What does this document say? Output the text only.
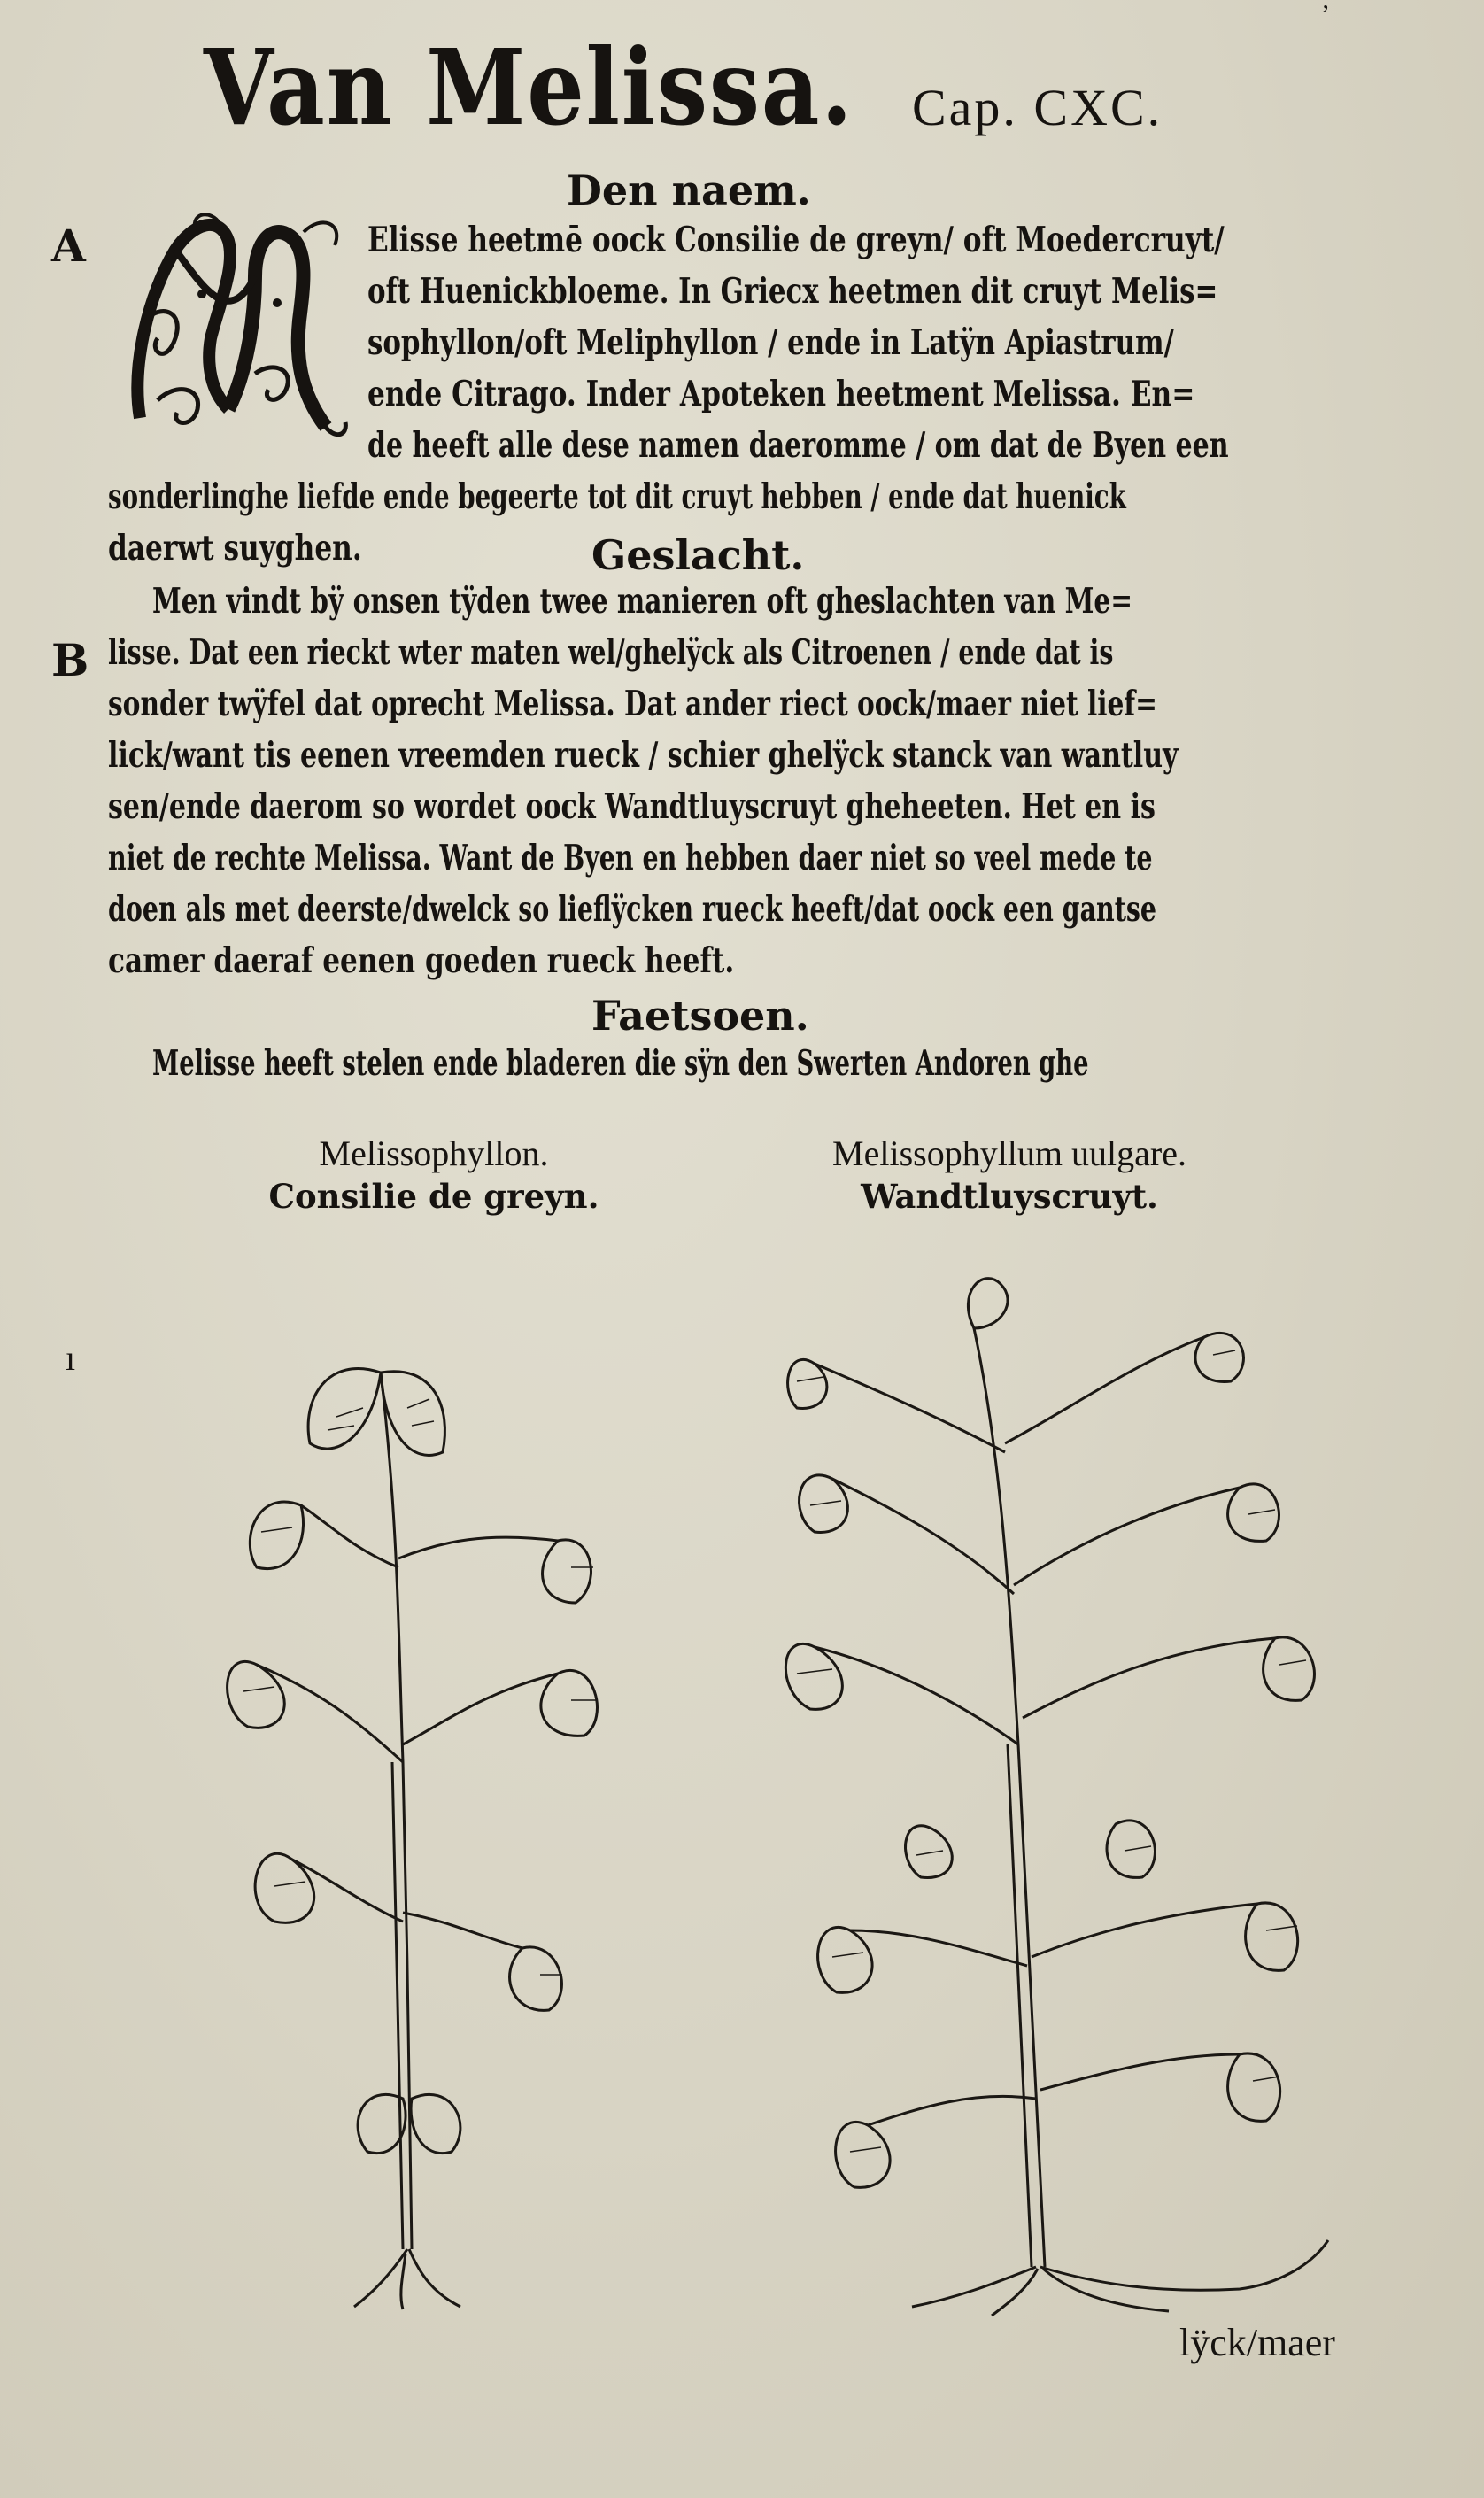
Van Melissa. Cap. CXC.
Den naem.
A	Elisse heetmē oock Consilie de greyn/ oft Moedercruyt/
oft Huenickbloeme. In Griecx heetmen dit cruyt Melis=
sophyllon/oft Meliphyllon / ende in Latÿn Apiastrum/
ende Citrago. Inder Apoteken heetment Melissa. En=
de heeft alle dese namen daeromme / om dat de Byen een
sonderlinghe liefde ende begeerte tot dit cruyt hebben / ende dat huenick
daerwt suyghen.	Geslacht.
Men vindt bÿ onsen tÿden twee manieren oft gheslachten van Me=
B lisse. Dat een rieckt wter maten wel/ghelÿck als Citroenen / ende dat is
sonder twÿfel dat oprecht Melissa. Dat ander riect oock/maer niet lief=
lick/want tis eenen vreemden rueck / schier ghelÿck stanck van wantluy
sen/ende daerom so wordet oock Wandtluyscruyt gheheeten. Het en is
niet de rechte Melissa. Want de Byen en hebben daer niet so veel mede te
doen als met deerste/dwelck so lieflÿcken rueck heeft/dat oock een gantse
camer daeraf eenen goeden rueck heeft.
Faetsoen.
Melisse heeft stelen ende bladeren die sÿn den Swerten Andoren ghe
Melissophyllon.
Consilie de greyn.
Melissophyllum uulgare.
Wandtluyscruyt.
lÿck/maer
ı
ʼ
